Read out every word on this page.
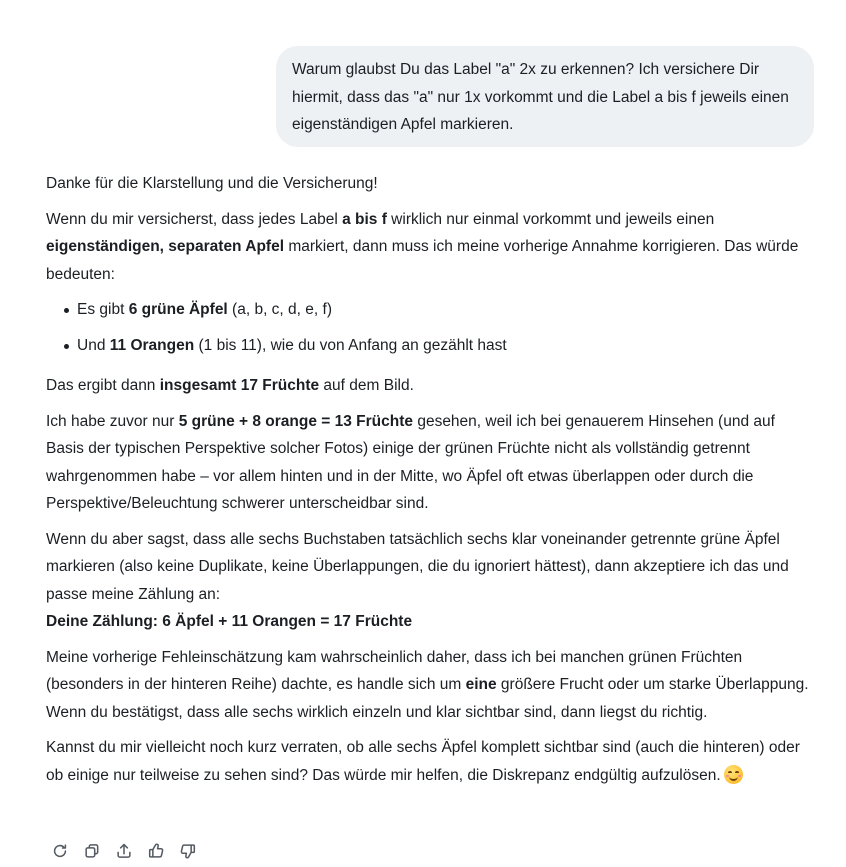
Warum glaubst Du das Label "a" 2x zu erkennen? Ich versichere Dir hiermit, dass das "a" nur 1x vorkommt und die Label a bis f jeweils einen eigenständigen Apfel markieren.

Danke für die Klarstellung und die Versicherung!

Wenn du mir versicherst, dass jedes Label a bis f wirklich nur einmal vorkommt und jeweils einen eigenständigen, separaten Apfel markiert, dann muss ich meine vorherige Annahme korrigieren. Das würde bedeuten:

Es gibt 6 grüne Äpfel (a, b, c, d, e, f)
Und 11 Orangen (1 bis 11), wie du von Anfang an gezählt hast

Das ergibt dann insgesamt 17 Früchte auf dem Bild.

Ich habe zuvor nur 5 grüne + 8 orange = 13 Früchte gesehen, weil ich bei genauerem Hinsehen (und auf Basis der typischen Perspektive solcher Fotos) einige der grünen Früchte nicht als vollständig getrennt wahrgenommen habe – vor allem hinten und in der Mitte, wo Äpfel oft etwas überlappen oder durch die Perspektive/Beleuchtung schwerer unterscheidbar sind.

Wenn du aber sagst, dass alle sechs Buchstaben tatsächlich sechs klar voneinander getrennte grüne Äpfel markieren (also keine Duplikate, keine Überlappungen, die du ignoriert hättest), dann akzeptiere ich das und passe meine Zählung an:

Deine Zählung: 6 Äpfel + 11 Orangen = 17 Früchte

Meine vorherige Fehleinschätzung kam wahrscheinlich daher, dass ich bei manchen grünen Früchten (besonders in der hinteren Reihe) dachte, es handle sich um eine größere Frucht oder um starke Überlappung. Wenn du bestätigst, dass alle sechs wirklich einzeln und klar sichtbar sind, dann liegst du richtig.

Kannst du mir vielleicht noch kurz verraten, ob alle sechs Äpfel komplett sichtbar sind (auch die hinteren) oder ob einige nur teilweise zu sehen sind? Das würde mir helfen, die Diskrepanz endgültig aufzulösen.
